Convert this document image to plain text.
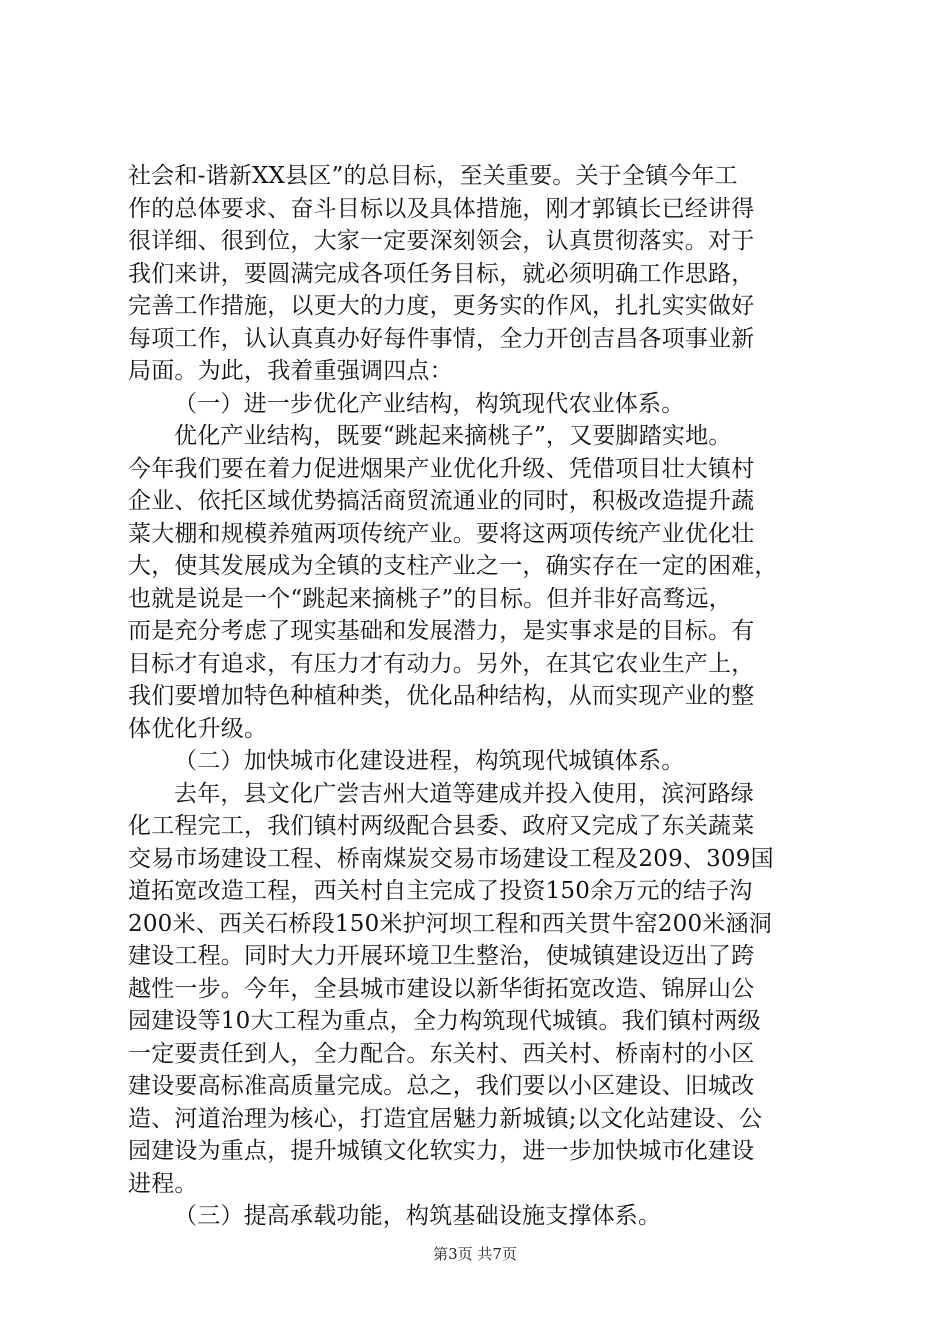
社会和-谐新XX县区”的总目标，至关重要。关于全镇今年工
作的总体要求、奋斗目标以及具体措施，刚才郭镇长已经讲得
很详细、很到位，大家一定要深刻领会，认真贯彻落实。对于
我们来讲，要圆满完成各项任务目标，就必须明确工作思路，
完善工作措施，以更大的力度，更务实的作风，扎扎实实做好
每项工作，认认真真办好每件事情，全力开创吉昌各项事业新
局面。为此，我着重强调四点：
（一）进一步优化产业结构，构筑现代农业体系。
优化产业结构，既要“跳起来摘桃子”，又要脚踏实地。
今年我们要在着力促进烟果产业优化升级、凭借项目壮大镇村
企业、依托区域优势搞活商贸流通业的同时，积极改造提升蔬
菜大棚和规模养殖两项传统产业。要将这两项传统产业优化壮
大，使其发展成为全镇的支柱产业之一，确实存在一定的困难，
也就是说是一个“跳起来摘桃子”的目标。但并非好高骛远，
而是充分考虑了现实基础和发展潜力，是实事求是的目标。有
目标才有追求，有压力才有动力。另外，在其它农业生产上，
我们要增加特色种植种类，优化品种结构，从而实现产业的整
体优化升级。
（二）加快城市化建设进程，构筑现代城镇体系。
去年，县文化广尝吉州大道等建成并投入使用，滨河路绿
化工程完工，我们镇村两级配合县委、政府又完成了东关蔬菜
交易市场建设工程、桥南煤炭交易市场建设工程及209、309国
道拓宽改造工程，西关村自主完成了投资150余万元的结子沟
200米、西关石桥段150米护河坝工程和西关贯牛窑200米涵洞
建设工程。同时大力开展环境卫生整治，使城镇建设迈出了跨
越性一步。今年，全县城市建设以新华街拓宽改造、锦屏山公
园建设等10大工程为重点，全力构筑现代城镇。我们镇村两级
一定要责任到人，全力配合。东关村、西关村、桥南村的小区
建设要高标准高质量完成。总之，我们要以小区建设、旧城改
造、河道治理为核心，打造宜居魅力新城镇;以文化站建设、公
园建设为重点，提升城镇文化软实力，进一步加快城市化建设
进程。
（三）提高承载功能，构筑基础设施支撑体系。
第3页 共7页
